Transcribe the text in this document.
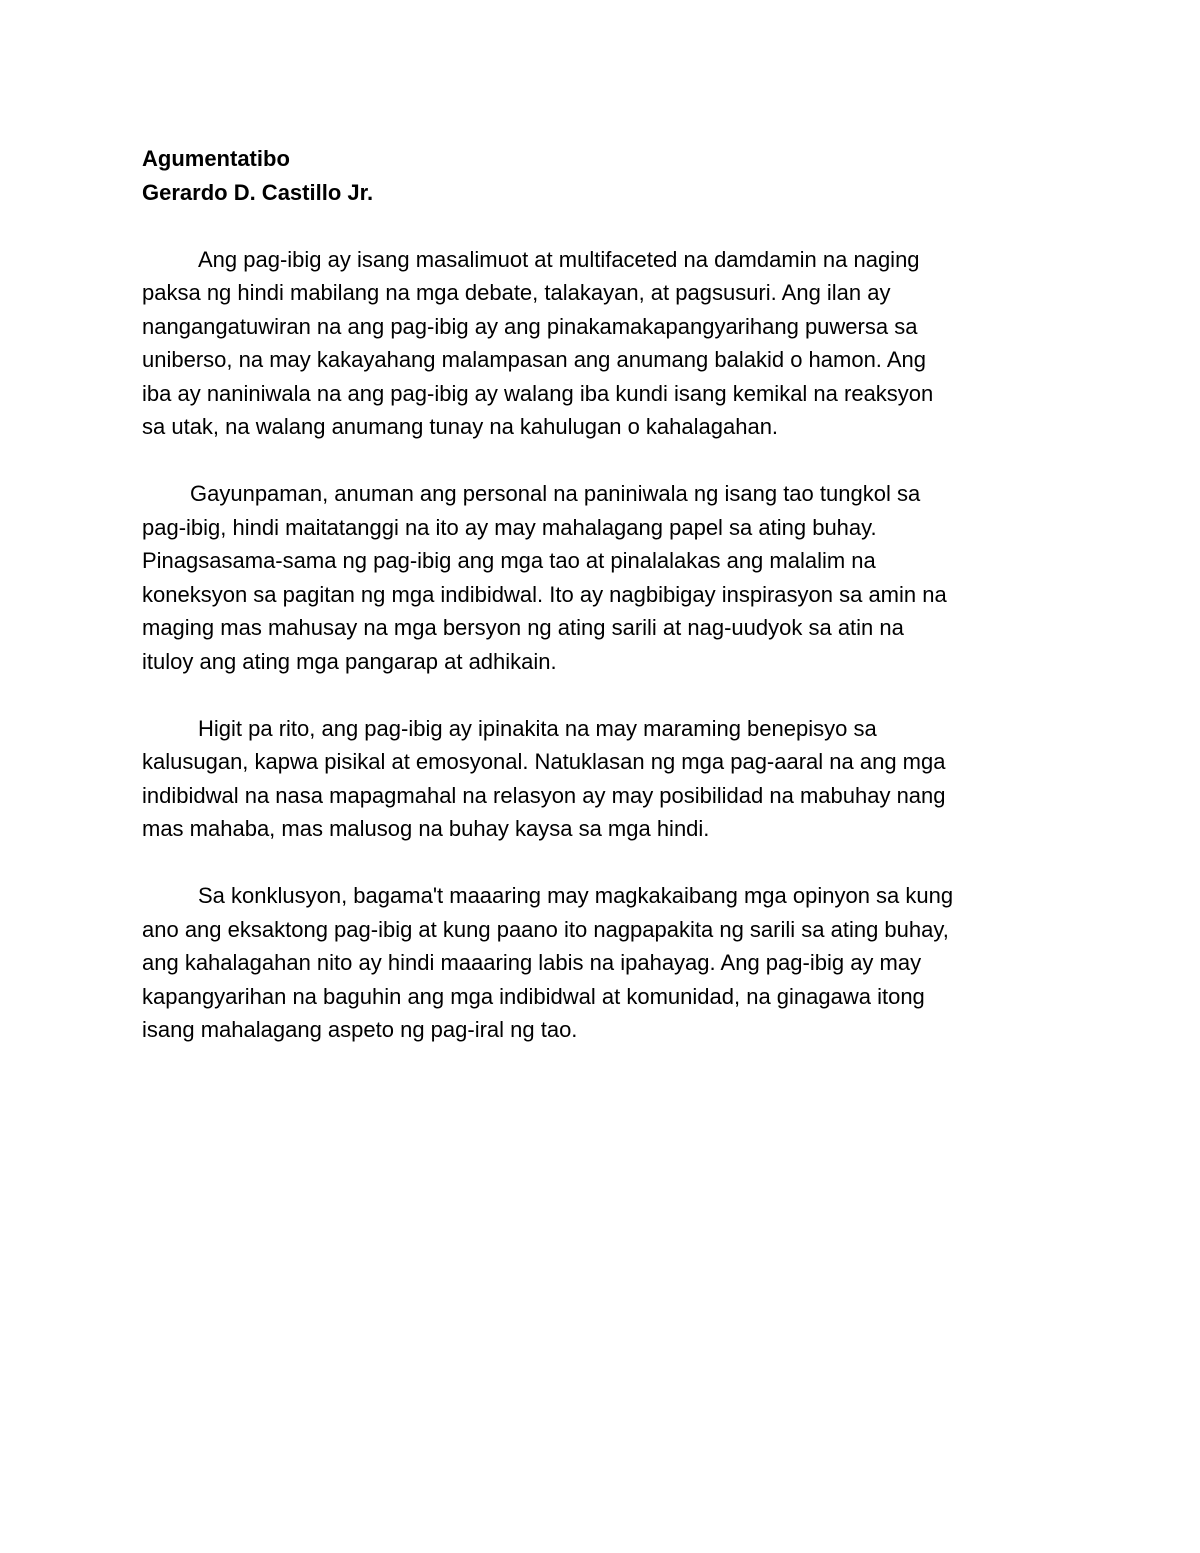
Agumentatibo
Gerardo D. Castillo Jr.
Ang pag-ibig ay isang masalimuot at multifaceted na damdamin na naging
paksa ng hindi mabilang na mga debate, talakayan, at pagsusuri. Ang ilan ay
nangangatuwiran na ang pag-ibig ay ang pinakamakapangyarihang puwersa sa
uniberso, na may kakayahang malampasan ang anumang balakid o hamon. Ang
iba ay naniniwala na ang pag-ibig ay walang iba kundi isang kemikal na reaksyon
sa utak, na walang anumang tunay na kahulugan o kahalagahan.
Gayunpaman, anuman ang personal na paniniwala ng isang tao tungkol sa
pag-ibig, hindi maitatanggi na ito ay may mahalagang papel sa ating buhay.
Pinagsasama-sama ng pag-ibig ang mga tao at pinalalakas ang malalim na
koneksyon sa pagitan ng mga indibidwal. Ito ay nagbibigay inspirasyon sa amin na
maging mas mahusay na mga bersyon ng ating sarili at nag-uudyok sa atin na
ituloy ang ating mga pangarap at adhikain.
Higit pa rito, ang pag-ibig ay ipinakita na may maraming benepisyo sa
kalusugan, kapwa pisikal at emosyonal. Natuklasan ng mga pag-aaral na ang mga
indibidwal na nasa mapagmahal na relasyon ay may posibilidad na mabuhay nang
mas mahaba, mas malusog na buhay kaysa sa mga hindi.
Sa konklusyon, bagama't maaaring may magkakaibang mga opinyon sa kung
ano ang eksaktong pag-ibig at kung paano ito nagpapakita ng sarili sa ating buhay,
ang kahalagahan nito ay hindi maaaring labis na ipahayag. Ang pag-ibig ay may
kapangyarihan na baguhin ang mga indibidwal at komunidad, na ginagawa itong
isang mahalagang aspeto ng pag-iral ng tao.
